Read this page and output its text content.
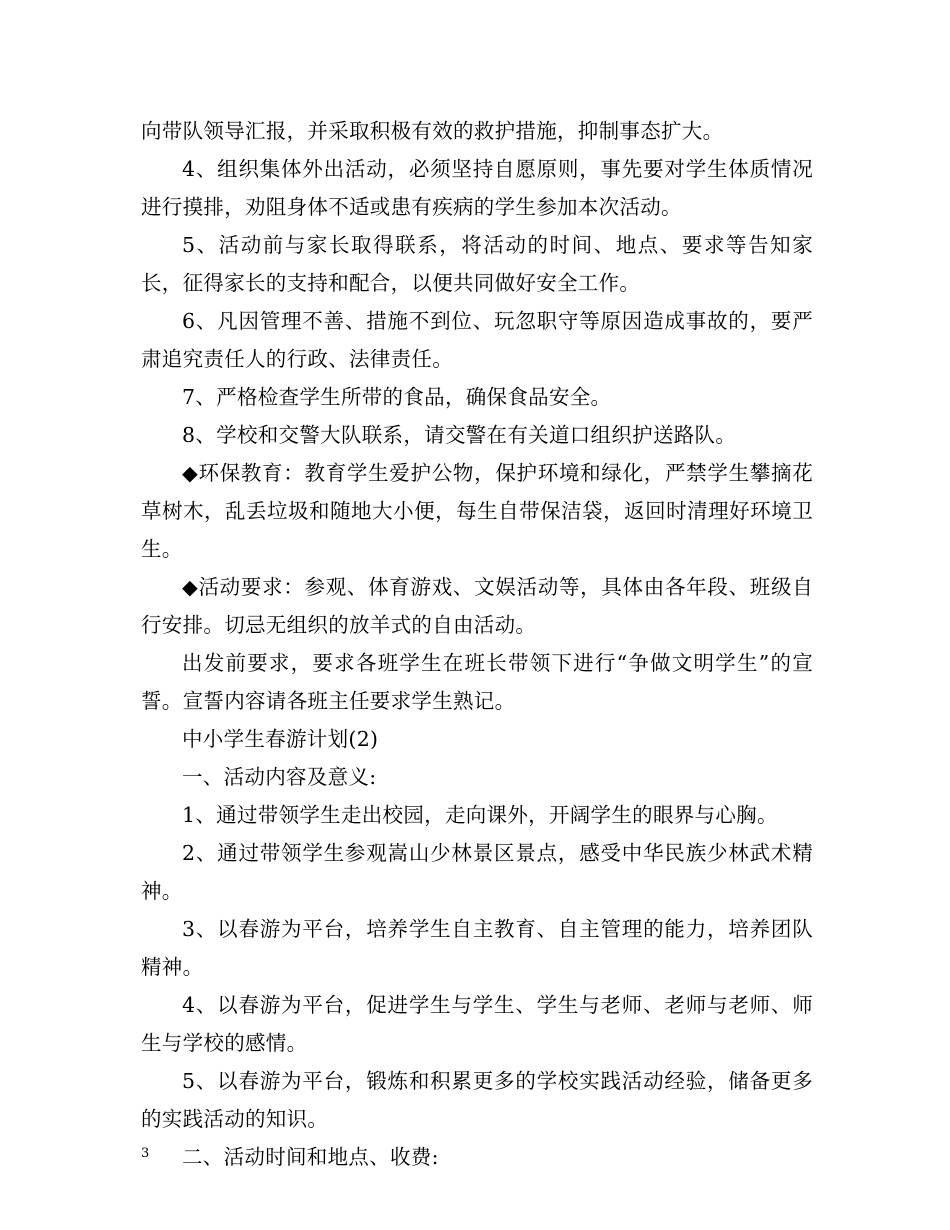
向带队领导汇报，并采取积极有效的救护措施，抑制事态扩大。

4、组织集体外出活动，必须坚持自愿原则，事先要对学生体质情况进行摸排，劝阻身体不适或患有疾病的学生参加本次活动。

5、活动前与家长取得联系，将活动的时间、地点、要求等告知家长，征得家长的支持和配合，以便共同做好安全工作。

6、凡因管理不善、措施不到位、玩忽职守等原因造成事故的，要严肃追究责任人的行政、法律责任。

7、严格检查学生所带的食品，确保食品安全。

8、学校和交警大队联系，请交警在有关道口组织护送路队。

◆环保教育：教育学生爱护公物，保护环境和绿化，严禁学生攀摘花草树木，乱丢垃圾和随地大小便，每生自带保洁袋，返回时清理好环境卫生。

◆活动要求：参观、体育游戏、文娱活动等，具体由各年段、班级自行安排。切忌无组织的放羊式的自由活动。

出发前要求，要求各班学生在班长带领下进行“争做文明学生”的宣誓。宣誓内容请各班主任要求学生熟记。

中小学生春游计划(2)

一、活动内容及意义:

1、通过带领学生走出校园，走向课外，开阔学生的眼界与心胸。

2、通过带领学生参观嵩山少林景区景点，感受中华民族少林武术精神。

3、以春游为平台，培养学生自主教育、自主管理的能力，培养团队精神。

4、以春游为平台，促进学生与学生、学生与老师、老师与老师、师生与学校的感情。

5、以春游为平台，锻炼和积累更多的学校实践活动经验，储备更多的实践活动的知识。

二、活动时间和地点、收费:

3
